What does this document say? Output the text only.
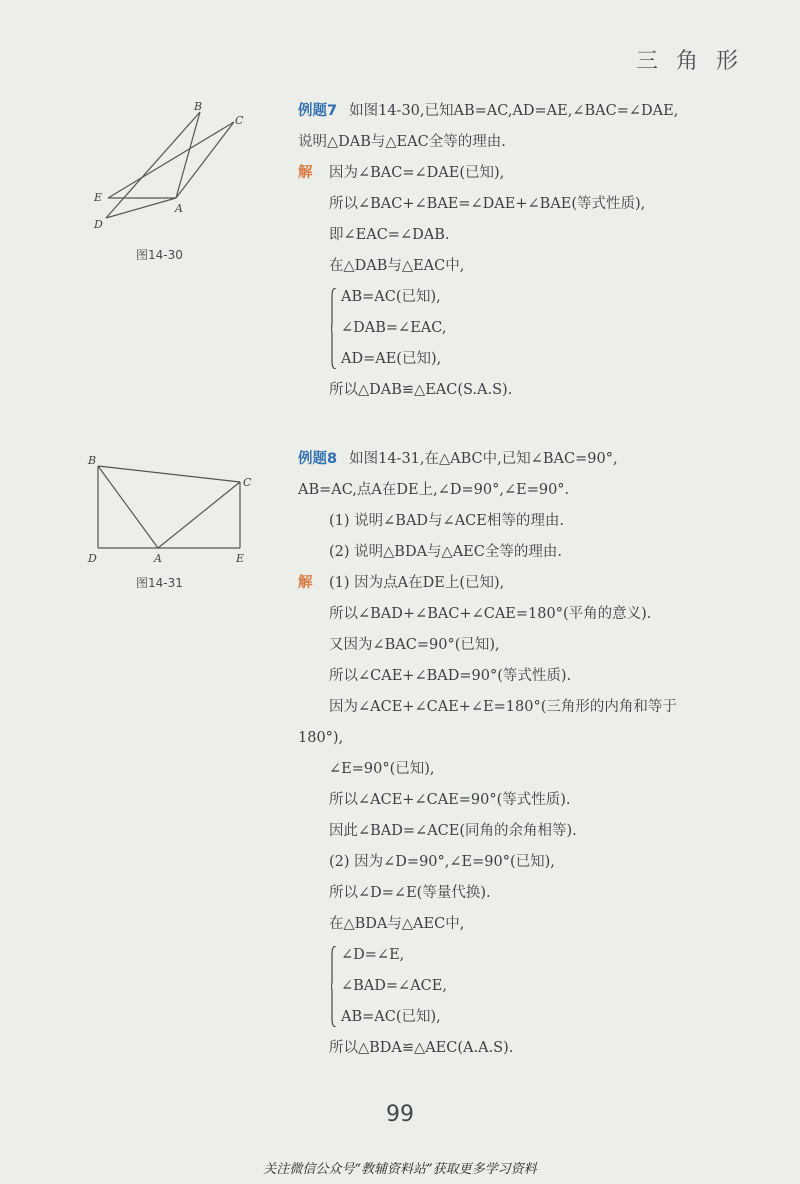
三角形
B
C
E
A
D
图14-30
B
C
D	A	E
图14-31
例题7 如图14-30,已知AB=AC,AD=AE,∠BAC=∠DAE,
说明△DAB与△EAC全等的理由.
解 因为∠BAC=∠DAE(已知),
所以∠BAC+∠BAE=∠DAE+∠BAE(等式性质),
即∠EAC=∠DAB.
在△DAB与△EAC中,
AB=AC(已知),
∠DAB=∠EAC,
AD=AE(已知),
所以△DAB≌△EAC(S.A.S).
例题8 如图14-31,在△ABC中,已知∠BAC=90°,
AB=AC,点A在DE上,∠D=90°,∠E=90°.
(1) 说明∠BAD与∠ACE相等的理由.
(2) 说明△BDA与△AEC全等的理由.
解 (1) 因为点A在DE上(已知),
所以∠BAD+∠BAC+∠CAE=180°(平角的意义).
又因为∠BAC=90°(已知),
所以∠CAE+∠BAD=90°(等式性质).
因为∠ACE+∠CAE+∠E=180°(三角形的内角和等于
180°),
∠E=90°(已知),
所以∠ACE+∠CAE=90°(等式性质).
因此∠BAD=∠ACE(同角的余角相等).
(2) 因为∠D=90°,∠E=90°(已知),
所以∠D=∠E(等量代换).
在△BDA与△AEC中,
∠D=∠E,
∠BAD=∠ACE,
AB=AC(已知),
所以△BDA≌△AEC(A.A.S).
99
关注微信公众号“教辅资料站”获取更多学习资料
